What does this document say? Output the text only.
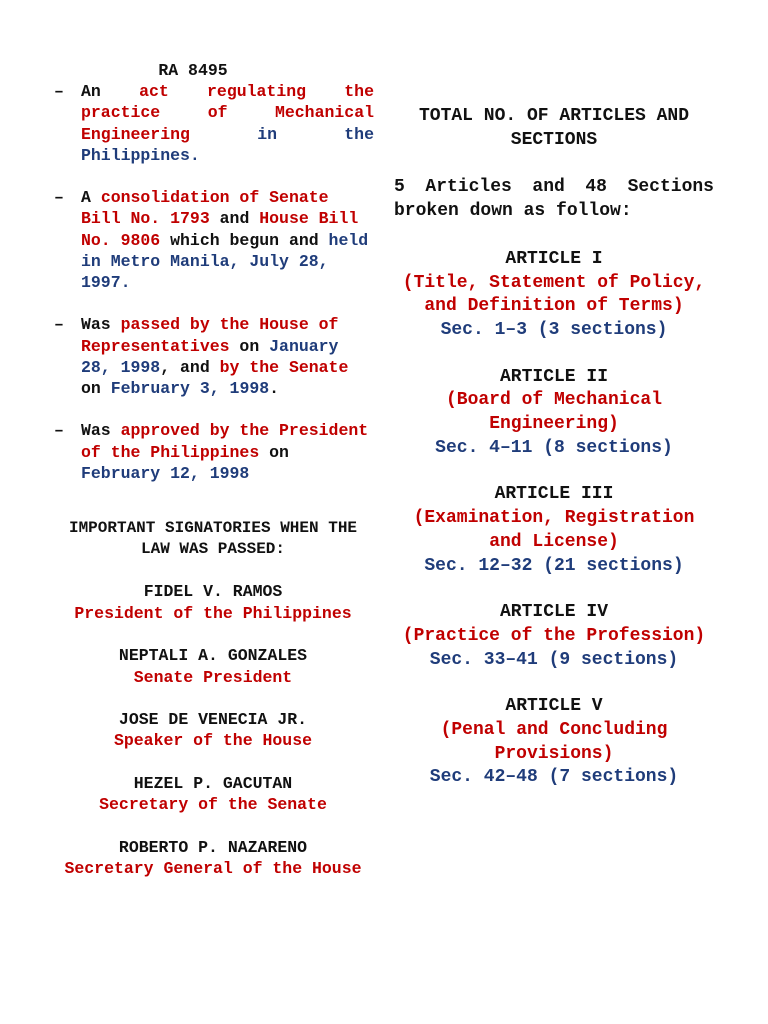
RA 8495
– An act regulating the practice of Mechanical Engineering in the Philippines.
– A consolidation of Senate Bill No. 1793 and House Bill No. 9806 which begun and held in Metro Manila, July 28, 1997.
– Was passed by the House of Representatives on January 28, 1998, and by the Senate on February 3, 1998.
– Was approved by the President of the Philippines on February 12, 1998
IMPORTANT SIGNATORIES WHEN THE LAW WAS PASSED:
FIDEL V. RAMOS
President of the Philippines
NEPTALI A. GONZALES
Senate President
JOSE DE VENECIA JR.
Speaker of the House
HEZEL P. GACUTAN
Secretary of the Senate
ROBERTO P. NAZARENO
Secretary General of the House
TOTAL NO. OF ARTICLES AND SECTIONS
5 Articles and 48 Sections broken down as follow:
ARTICLE I
(Title, Statement of Policy, and Definition of Terms)
Sec. 1–3 (3 sections)
ARTICLE II
(Board of Mechanical Engineering)
Sec. 4–11 (8 sections)
ARTICLE III
(Examination, Registration and License)
Sec. 12–32 (21 sections)
ARTICLE IV
(Practice of the Profession)
Sec. 33–41 (9 sections)
ARTICLE V
(Penal and Concluding Provisions)
Sec. 42–48 (7 sections)
